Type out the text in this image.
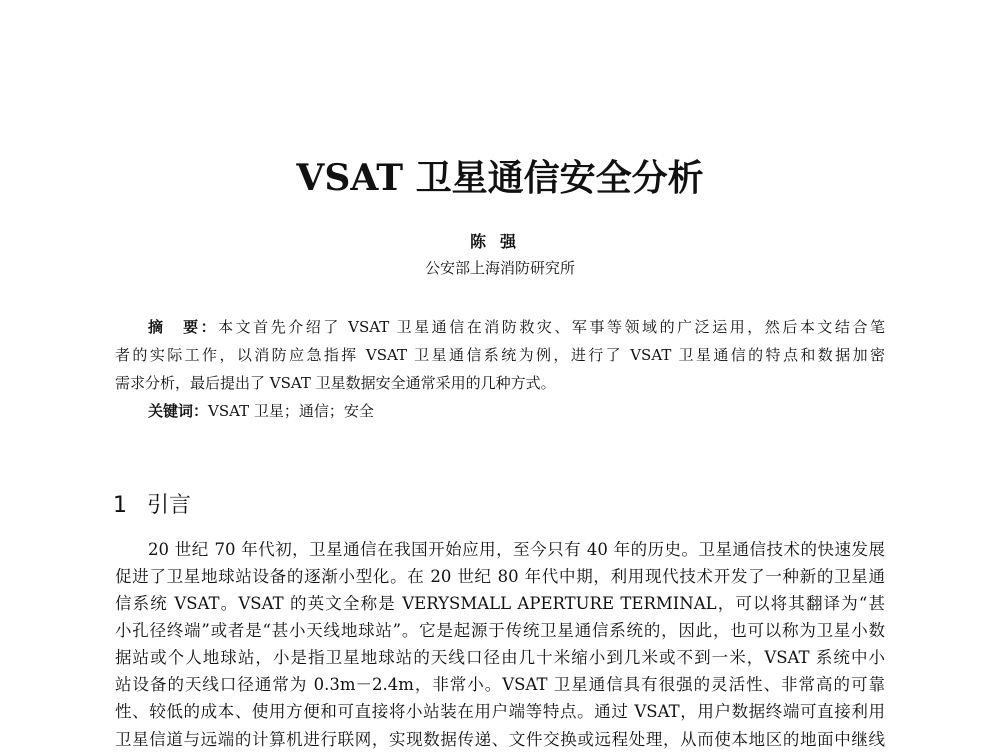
VSAT 卫星通信安全分析
陈强
公安部上海消防研究所
摘　要：本文首先介绍了 VSAT 卫星通信在消防救灾、军事等领域的广泛运用，然后本文结合笔
者的实际工作，以消防应急指挥 VSAT 卫星通信系统为例，进行了 VSAT 卫星通信的特点和数据加密
需求分析，最后提出了 VSAT 卫星数据安全通常采用的几种方式。
关键词：VSAT 卫星；通信；安全
1 引言
20 世纪 70 年代初，卫星通信在我国开始应用，至今只有 40 年的历史。卫星通信技术的快速发展
促进了卫星地球站设备的逐渐小型化。在 20 世纪 80 年代中期，利用现代技术开发了一种新的卫星通
信系统 VSAT。VSAT 的英文全称是 VERYSMALL APERTURE TERMINAL，可以将其翻译为“甚
小孔径终端”或者是“甚小天线地球站”。它是起源于传统卫星通信系统的，因此，也可以称为卫星小数
据站或个人地球站，小是指卫星地球站的天线口径由几十米缩小到几米或不到一米，VSAT 系统中小
站设备的天线口径通常为 0.3m－2.4m，非常小。VSAT 卫星通信具有很强的灵活性、非常高的可靠
性、较低的成本、使用方便和可直接将小站装在用户端等特点。通过 VSAT，用户数据终端可直接利用
卫星信道与远端的计算机进行联网，实现数据传递、文件交换或远程处理，从而使本地区的地面中继线
